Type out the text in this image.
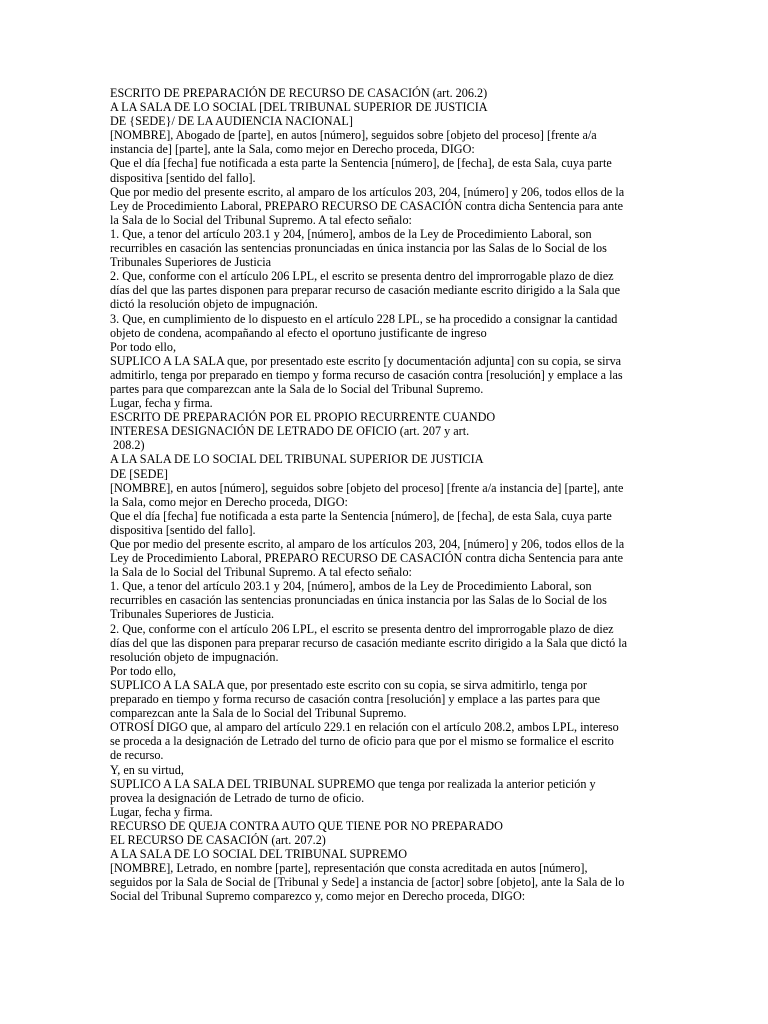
ESCRITO DE PREPARACIÓN DE RECURSO DE CASACIÓN (art. 206.2)
A LA SALA DE LO SOCIAL [DEL TRIBUNAL SUPERIOR DE JUSTICIA
DE {SEDE}/ DE LA AUDIENCIA NACIONAL]
[NOMBRE], Abogado de [parte], en autos [número], seguidos sobre [objeto del proceso] [frente a/a
instancia de] [parte], ante la Sala, como mejor en Derecho proceda, DIGO:
Que el día [fecha] fue notificada a esta parte la Sentencia [número], de [fecha], de esta Sala, cuya parte
dispositiva [sentido del fallo].
Que por medio del presente escrito, al amparo de los artículos 203, 204, [número] y 206, todos ellos de la
Ley de Procedimiento Laboral, PREPARO RECURSO DE CASACIÓN contra dicha Sentencia para ante
la Sala de lo Social del Tribunal Supremo. A tal efecto señalo:
1. Que, a tenor del artículo 203.1 y 204, [número], ambos de la Ley de Procedimiento Laboral, son
recurribles en casación las sentencias pronunciadas en única instancia por las Salas de lo Social de los
Tribunales Superiores de Justicia
2. Que, conforme con el artículo 206 LPL, el escrito se presenta dentro del improrrogable plazo de diez
días del que las partes disponen para preparar recurso de casación mediante escrito dirigido a la Sala que
dictó la resolución objeto de impugnación.
3. Que, en cumplimiento de lo dispuesto en el artículo 228 LPL, se ha procedido a consignar la cantidad
objeto de condena, acompañando al efecto el oportuno justificante de ingreso
Por todo ello,
SUPLICO A LA SALA que, por presentado este escrito [y documentación adjunta] con su copia, se sirva
admitirlo, tenga por preparado en tiempo y forma recurso de casación contra [resolución] y emplace a las
partes para que comparezcan ante la Sala de lo Social del Tribunal Supremo.
Lugar, fecha y firma.
ESCRITO DE PREPARACIÓN POR EL PROPIO RECURRENTE CUANDO
INTERESA DESIGNACIÓN DE LETRADO DE OFICIO (art. 207 y art.
208.2)
A LA SALA DE LO SOCIAL DEL TRIBUNAL SUPERIOR DE JUSTICIA
DE [SEDE]
[NOMBRE], en autos [número], seguidos sobre [objeto del proceso] [frente a/a instancia de] [parte], ante
la Sala, como mejor en Derecho proceda, DIGO:
Que el día [fecha] fue notificada a esta parte la Sentencia [número], de [fecha], de esta Sala, cuya parte
dispositiva [sentido del fallo].
Que por medio del presente escrito, al amparo de los artículos 203, 204, [número] y 206, todos ellos de la
Ley de Procedimiento Laboral, PREPARO RECURSO DE CASACIÓN contra dicha Sentencia para ante
la Sala de lo Social del Tribunal Supremo. A tal efecto señalo:
1. Que, a tenor del artículo 203.1 y 204, [número], ambos de la Ley de Procedimiento Laboral, son
recurribles en casación las sentencias pronunciadas en única instancia por las Salas de lo Social de los
Tribunales Superiores de Justicia.
2. Que, conforme con el artículo 206 LPL, el escrito se presenta dentro del improrrogable plazo de diez
días del que las disponen para preparar recurso de casación mediante escrito dirigido a la Sala que dictó la
resolución objeto de impugnación.
Por todo ello,
SUPLICO A LA SALA que, por presentado este escrito con su copia, se sirva admitirlo, tenga por
preparado en tiempo y forma recurso de casación contra [resolución] y emplace a las partes para que
comparezcan ante la Sala de lo Social del Tribunal Supremo.
OTROSÍ DIGO que, al amparo del artículo 229.1 en relación con el artículo 208.2, ambos LPL, intereso
se proceda a la designación de Letrado del turno de oficio para que por el mismo se formalice el escrito
de recurso.
Y, en su virtud,
SUPLICO A LA SALA DEL TRIBUNAL SUPREMO que tenga por realizada la anterior petición y
provea la designación de Letrado de turno de oficio.
Lugar, fecha y firma.
RECURSO DE QUEJA CONTRA AUTO QUE TIENE POR NO PREPARADO
EL RECURSO DE CASACIÓN (art. 207.2)
A LA SALA DE LO SOCIAL DEL TRIBUNAL SUPREMO
[NOMBRE], Letrado, en nombre [parte], representación que consta acreditada en autos [número],
seguidos por la Sala de Social de [Tribunal y Sede] a instancia de [actor] sobre [objeto], ante la Sala de lo
Social del Tribunal Supremo comparezco y, como mejor en Derecho proceda, DIGO:
